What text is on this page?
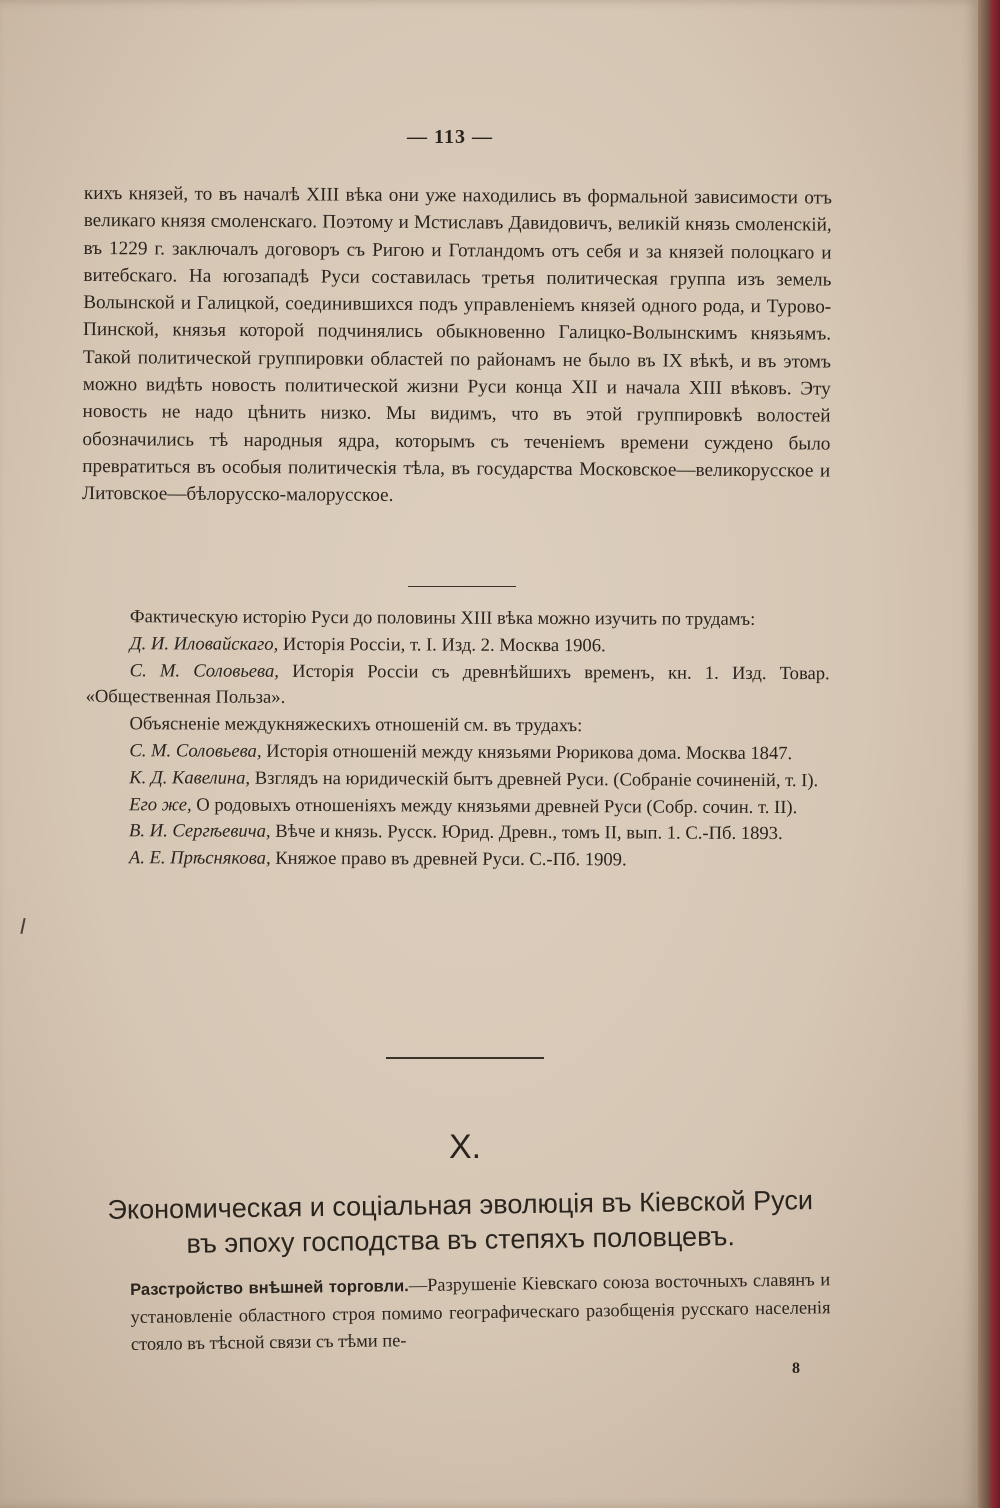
— 113 —

кихъ князей, то въ началѣ XIII вѣка они уже находились въ формальной зависимости отъ великаго князя смоленскаго. Поэтому и Мстиславъ Давидовичъ, великій князь смоленскій, въ 1229 г. заключалъ договоръ съ Ригою и Готландомъ отъ себя и за князей полоцкаго и витебскаго. На югозападѣ Руси составилась третья политическая группа изъ земель Волынской и Галицкой, соединившихся подъ управленіемъ князей одного рода, и Турово-Пинской, князья которой подчинялись обыкновенно Галицко-Волынскимъ князьямъ. Такой политической группировки областей по районамъ не было въ IX вѣкѣ, и въ этомъ можно видѣть новость политической жизни Руси конца XII и начала XIII вѣковъ. Эту новость не надо цѣнить низко. Мы видимъ, что въ этой группировкѣ волостей обозначились тѣ народныя ядра, которымъ съ теченіемъ времени суждено было превратиться въ особыя политическія тѣла, въ государства Московское—великорусское и Литовское—бѣлорусско-малорусское.

Фактическую исторію Руси до половины XIII вѣка можно изучить по трудамъ:

Д. И. Иловайскаго, Исторія Россіи, т. I. Изд. 2. Москва 1906.

С. М. Соловьева, Исторія Россіи съ древнѣйшихъ временъ, кн. 1. Изд. Товар. «Общественная Польза».

Объясненіе междукняжескихъ отношеній см. въ трудахъ:

С. М. Соловьева, Исторія отношеній между князьями Рюрикова дома. Москва 1847.

К. Д. Кавелина, Взглядъ на юридическій бытъ древней Руси. (Собраніе сочиненій, т. I).

Его же, О родовыхъ отношеніяхъ между князьями древней Руси (Собр. сочин. т. II).

В. И. Сергѣевича, Вѣче и князь. Русск. Юрид. Древн., томъ II, вып. 1. С.-Пб. 1893.

А. Е. Прѣснякова, Княжое право въ древней Руси. С.-Пб. 1909.

X.
Экономическая и соціальная эволюція въ Кіевской Руси
въ эпоху господства въ степяхъ половцевъ.

Разстройство внѣшней торговли.—Разрушеніе Кіевскаго союза восточныхъ славянъ и установленіе областного строя помимо географическаго разобщенія русскаго населенія стояло въ тѣсной связи съ тѣми пе-

8
